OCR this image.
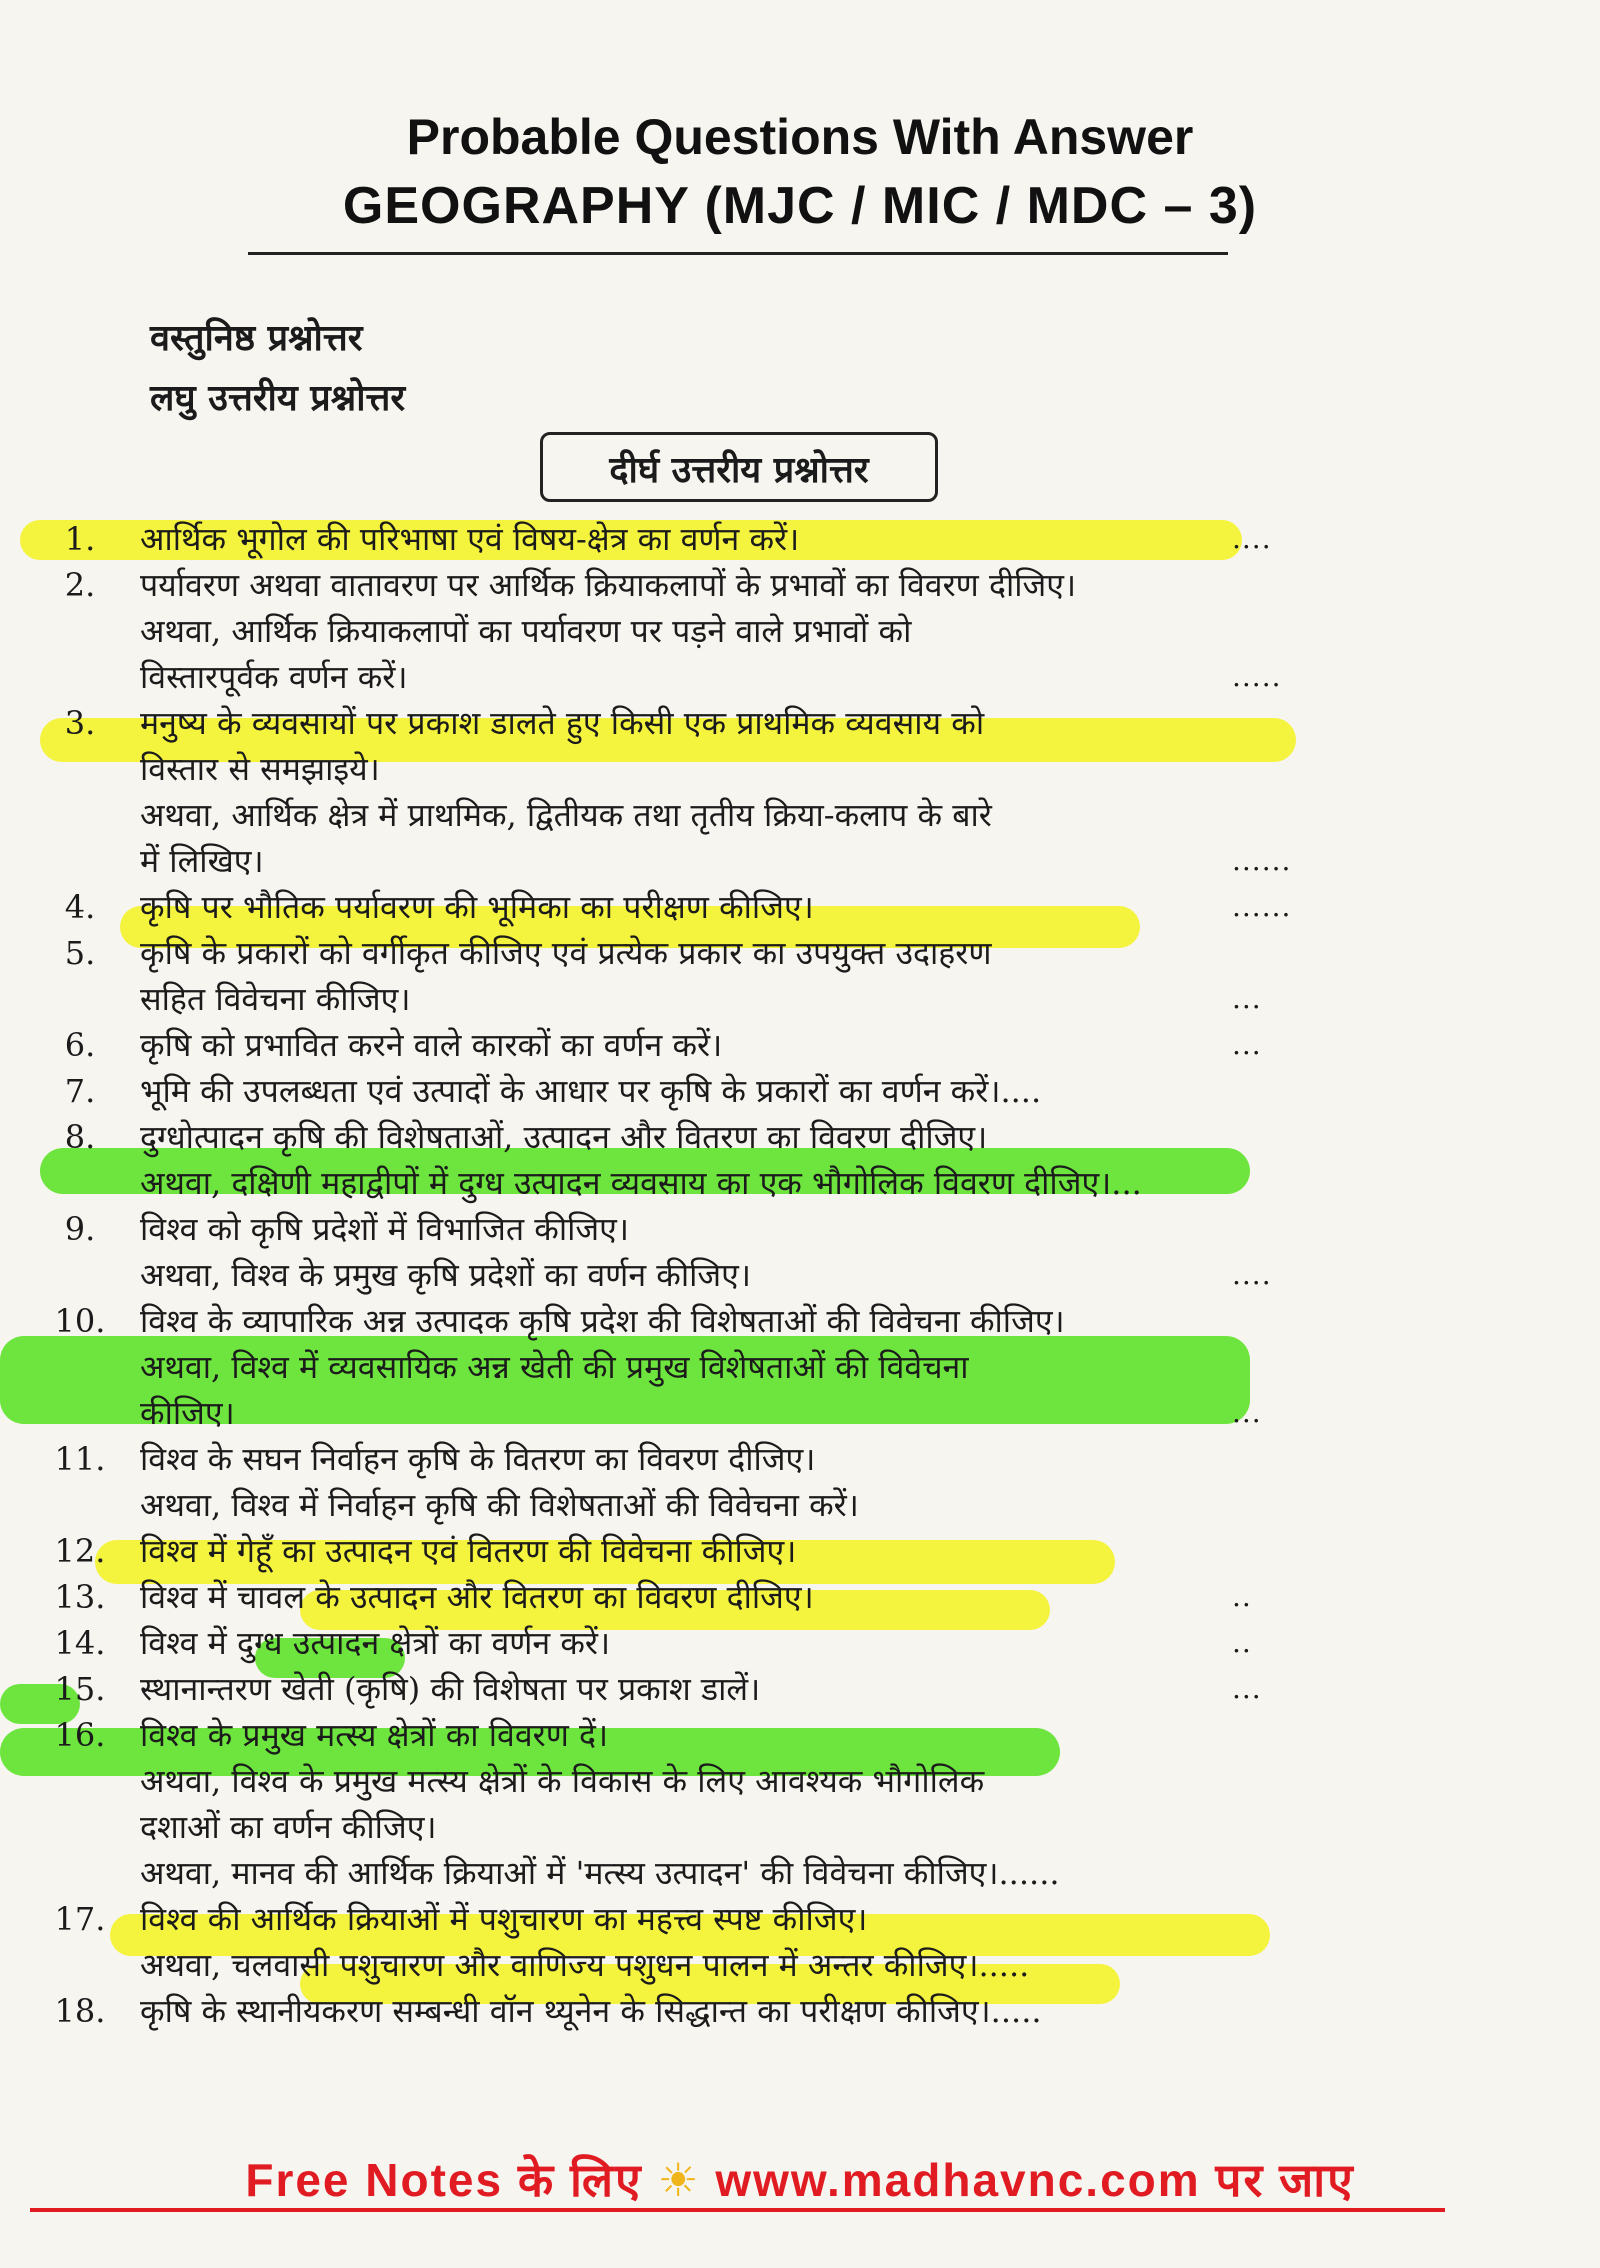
Probable Questions With Answer
GEOGRAPHY (MJC / MIC / MDC – 3)
वस्तुनिष्ठ प्रश्नोत्तर
लघु उत्तरीय प्रश्नोत्तर
दीर्घ उत्तरीय प्रश्नोत्तर
1.	आर्थिक भूगोल की परिभाषा एवं विषय-क्षेत्र का वर्णन करें।	....
2.	पर्यावरण अथवा वातावरण पर आर्थिक क्रियाकलापों के प्रभावों का विवरण दीजिए।
अथवा, आर्थिक क्रियाकलापों का पर्यावरण पर पड़ने वाले प्रभावों को
विस्तारपूर्वक वर्णन करें।	.....
3.	मनुष्य के व्यवसायों पर प्रकाश डालते हुए किसी एक प्राथमिक व्यवसाय को
विस्तार से समझाइये।
अथवा, आर्थिक क्षेत्र में प्राथमिक, द्वितीयक तथा तृतीय क्रिया-कलाप के बारे
में लिखिए।	......
4.	कृषि पर भौतिक पर्यावरण की भूमिका का परीक्षण कीजिए।	......
5.	कृषि के प्रकारों को वर्गीकृत कीजिए एवं प्रत्येक प्रकार का उपयुक्त उदाहरण
सहित विवेचना कीजिए।	...
6.	कृषि को प्रभावित करने वाले कारकों का वर्णन करें।	...
7.	भूमि की उपलब्धता एवं उत्पादों के आधार पर कृषि के प्रकारों का वर्णन करें।....
8.	दुग्धोत्पादन कृषि की विशेषताओं, उत्पादन और वितरण का विवरण दीजिए।
अथवा, दक्षिणी महाद्वीपों में दुग्ध उत्पादन व्यवसाय का एक भौगोलिक विवरण दीजिए।...
9.	विश्व को कृषि प्रदेशों में विभाजित कीजिए।
अथवा, विश्व के प्रमुख कृषि प्रदेशों का वर्णन कीजिए।	....
10.	विश्व के व्यापारिक अन्न उत्पादक कृषि प्रदेश की विशेषताओं की विवेचना कीजिए।
अथवा, विश्व में व्यवसायिक अन्न खेती की प्रमुख विशेषताओं की विवेचना
कीजिए।	...
11.	विश्व के सघन निर्वाहन कृषि के वितरण का विवरण दीजिए।
अथवा, विश्व में निर्वाहन कृषि की विशेषताओं की विवेचना करें।
12.	विश्व में गेहूँ का उत्पादन एवं वितरण की विवेचना कीजिए।
13.	विश्व में चावल के उत्पादन और वितरण का विवरण दीजिए।	..
14.	विश्व में दुग्ध उत्पादन क्षेत्रों का वर्णन करें।	..
15.	स्थानान्तरण खेती (कृषि) की विशेषता पर प्रकाश डालें।	...
16.	विश्व के प्रमुख मत्स्य क्षेत्रों का विवरण दें।
अथवा, विश्व के प्रमुख मत्स्य क्षेत्रों के विकास के लिए आवश्यक भौगोलिक
दशाओं का वर्णन कीजिए।
अथवा, मानव की आर्थिक क्रियाओं में 'मत्स्य उत्पादन' की विवेचना कीजिए।......
17.	विश्व की आर्थिक क्रियाओं में पशुचारण का महत्त्व स्पष्ट कीजिए।
अथवा, चलवासी पशुचारण और वाणिज्य पशुधन पालन में अन्तर कीजिए।.....
18.	कृषि के स्थानीयकरण सम्बन्धी वॉन थ्यूनेन के सिद्धान्त का परीक्षण कीजिए।.....
Free Notes के लिए ☀ www.madhavnc.com पर जाए
